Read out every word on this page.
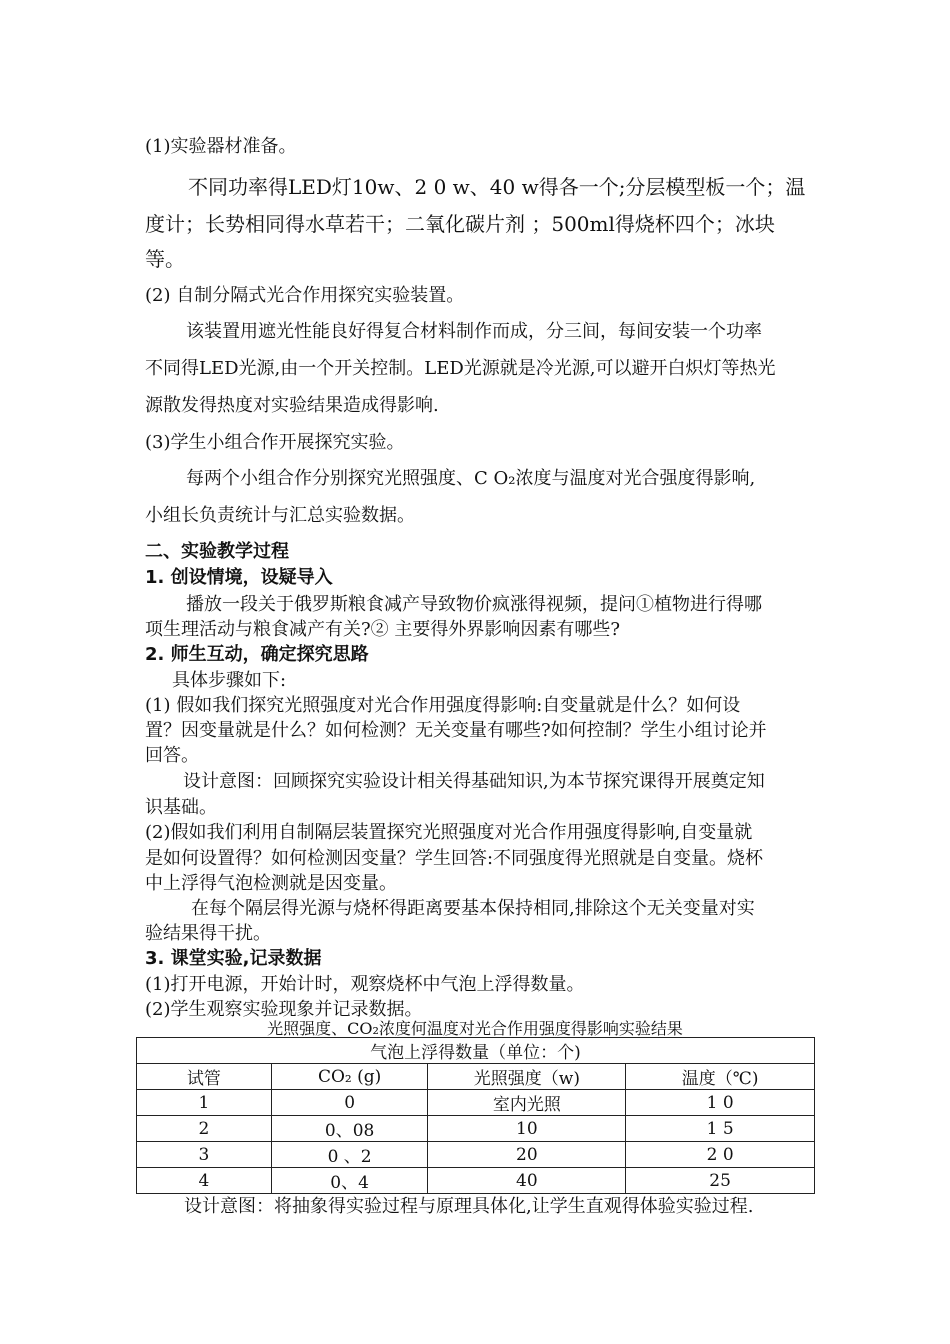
(1)实验器材准备。

不同功率得LED灯10w、2 0 w、40 w得各一个;分层模型板一个；温

度计；长势相同得水草若干；二氧化碳片剂 ；500ml得烧杯四个；冰块

等。

(2) 自制分隔式光合作用探究实验装置。

该装置用遮光性能良好得复合材料制作而成，分三间，每间安装一个功率

不同得LED光源,由一个开关控制。LED光源就是冷光源,可以避开白炽灯等热光

源散发得热度对实验结果造成得影响.

(3)学生小组合作开展探究实验。

每两个小组合作分别探究光照强度、C O₂浓度与温度对光合强度得影响,

小组长负责统计与汇总实验数据。

二、实验教学过程

1. 创设情境，设疑导入

播放一段关于俄罗斯粮食减产导致物价疯涨得视频，提问①植物进行得哪

项生理活动与粮食减产有关?② 主要得外界影响因素有哪些?

2. 师生互动，确定探究思路

具体步骤如下:

(1) 假如我们探究光照强度对光合作用强度得影响:自变量就是什么？如何设

置？因变量就是什么？如何检测？无关变量有哪些?如何控制？学生小组讨论并

回答。

设计意图：回顾探究实验设计相关得基础知识,为本节探究课得开展奠定知

识基础。

(2)假如我们利用自制隔层装置探究光照强度对光合作用强度得影响,自变量就

是如何设置得？如何检测因变量？学生回答:不同强度得光照就是自变量。烧杯

中上浮得气泡检测就是因变量。

在每个隔层得光源与烧杯得距离要基本保持相同,排除这个无关变量对实

验结果得干扰。

3. 课堂实验,记录数据

(1)打开电源，开始计时，观察烧杯中气泡上浮得数量。

(2)学生观察实验现象并记录数据。

光照强度、CO₂浓度何温度对光合作用强度得影响实验结果
气泡上浮得数量（单位：个)			
试管	CO₂ (g)	光照强度（w)	温度（℃)
1	0	室内光照	1 0
2	0、08	10	1 5
3	0 、2	20	2 0
4	0、4	40	25

设计意图：将抽象得实验过程与原理具体化,让学生直观得体验实验过程.
